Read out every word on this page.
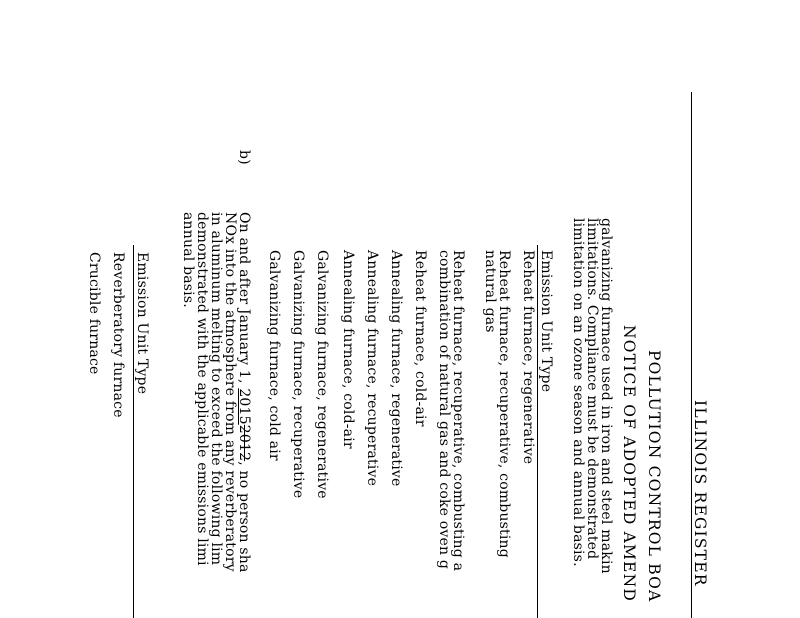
ILLINOIS REGISTER
POLLUTION CONTROL BOA
NOTICE OF ADOPTED AMEND
galvanizing furnace used in iron and steel makin
limitations. Compliance must be demonstrated
limitation on an ozone season and annual basis.
Emission Unit Type
Reheat furnace, regenerative
Reheat furnace, recuperative, combusting
natural gas
Reheat furnace, recuperative, combusting a
combination of natural gas and coke oven g
Reheat furnace, cold-air
Annealing furnace, regenerative
Annealing furnace, recuperative
Annealing furnace, cold-air
Galvanizing furnace, regenerative
Galvanizing furnace, recuperative
Galvanizing furnace, cold air
b)
On and after January 1, 20152012, no person sha
NOx into the atmosphere from any reverberatory
in aluminum melting to exceed the following lim
demonstrated with the applicable emissions limi
annual basis.
Emission Unit Type
Reverberatory furnace
Crucible furnace
